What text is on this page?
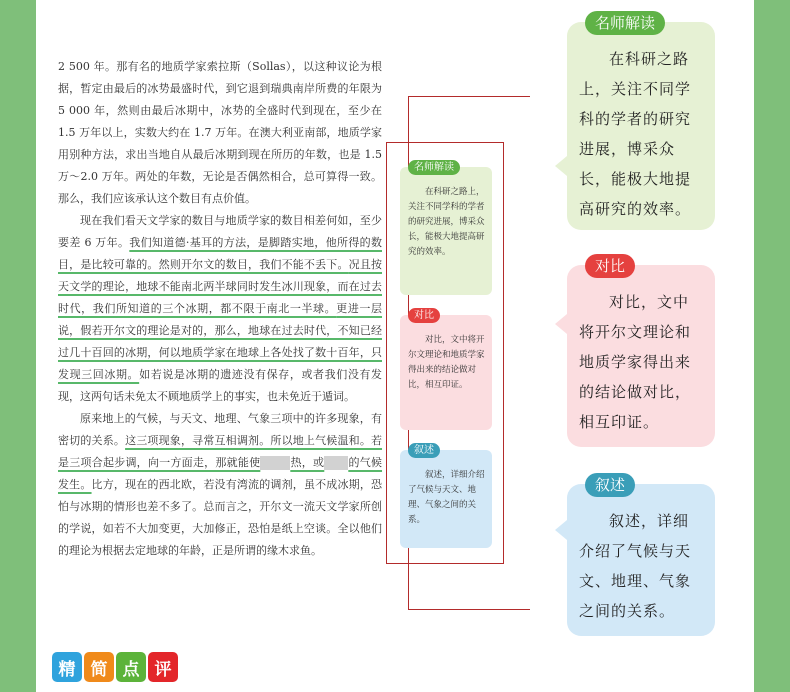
2 500 年。那有名的地质学家索拉斯（Sollas），以这种议论为根据，暂定由最后的冰势最盛时代，到它退到瑞典南岸所费的年限为 5 000 年，然则由最后冰期中，冰势的全盛时代到现在，至少在 1.5 万年以上，实数大约在 1.7 万年。在澳大利亚南部，地质学家用别种方法，求出当地自从最后冰期到现在所历的年数，也是 1.5 万～2.0 万年。两处的年数，无论是否偶然相合，总可算得一致。那么，我们应该承认这个数目有点价值。

现在我们看天文学家的数目与地质学家的数目相差何如，至少要差 6 万年。我们知道德·基耳的方法，是脚踏实地，他所得的数目，是比较可靠的。然则开尔文的数目，我们不能不丢下。况且按天文学的理论，地球不能南北两半球同时发生冰川现象，而在过去时代，我们所知道的三个冰期，都不限于南北一半球。更进一层说，假若开尔文的理论是对的，那么，地球在过去时代，不知已经过几十百回的冰期，何以地质学家在地球上各处找了数十百年，只发现三回冰期。如若说是冰期的遗迹没有保存，或者我们没有发现，这两句话未免太不顾地质学上的事实，也未免近于遁词。

原来地上的气候，与天文、地理、气象三项中的许多现象，有密切的关系。这三项现象，寻常互相调剂。所以地上气候温和。若是三项合起步调，向一方面走，那就能使	热，或 的气候发生。比方，现在的西北欧，若没有湾流的调剂，虽不成冰期，恐怕与冰期的情形也差不多了。总而言之，开尔文一流天文学家所创的学说，如若不大加变更，大加修正，恐怕是纸上空谈。全以他们的理论为根据去定地球的年龄，正是所谓的缘木求鱼。

名师解读
在科研之路上，关注不同学科的学者的研究进展，博采众长，能极大地提高研究的效率。
对比
对比，文中将开尔文理论和地质学家得出来的结论做对比，相互印证。
叙述
叙述，详细介绍了气候与天文、地理、气象之间的关系。
名师解读
在科研之路上，关注不同学科的学者的研究进展，博采众长，能极大地提高研究的效率。
对比
对比，文中将开尔文理论和地质学家得出来的结论做对比，相互印证。
叙述
叙述，详细介绍了气候与天文、地理、气象之间的关系。
精 简 点 评
